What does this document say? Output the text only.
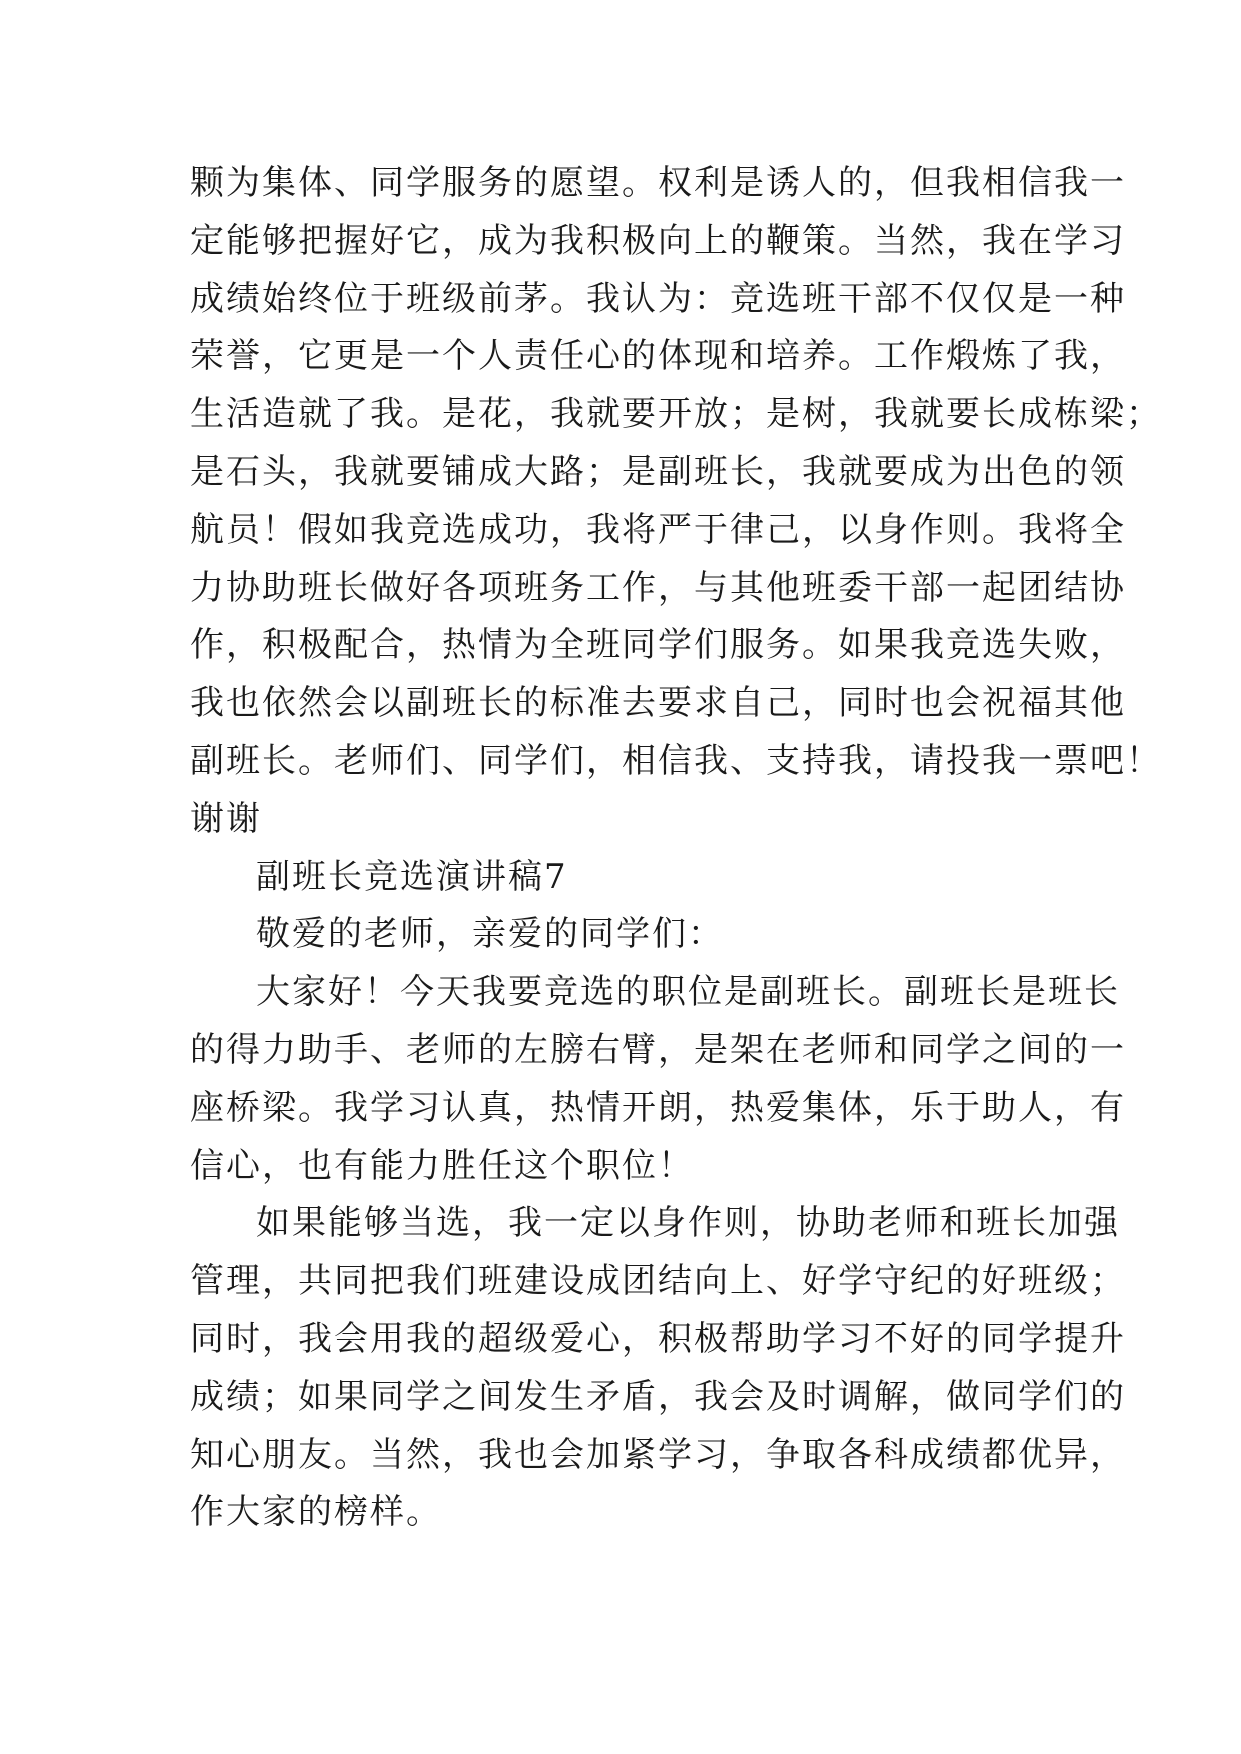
颗为集体、同学服务的愿望。权利是诱人的，但我相信我一
定能够把握好它，成为我积极向上的鞭策。当然，我在学习
成绩始终位于班级前茅。我认为：竞选班干部不仅仅是一种
荣誉，它更是一个人责任心的体现和培养。工作煅炼了我，
生活造就了我。是花，我就要开放；是树，我就要长成栋梁；
是石头，我就要铺成大路；是副班长，我就要成为出色的领
航员！假如我竞选成功，我将严于律己，以身作则。我将全
力协助班长做好各项班务工作，与其他班委干部一起团结协
作，积极配合，热情为全班同学们服务。如果我竞选失败，
我也依然会以副班长的标准去要求自己，同时也会祝福其他
副班长。老师们、同学们，相信我、支持我，请投我一票吧！
谢谢
副班长竞选演讲稿7
敬爱的老师，亲爱的同学们：
大家好！今天我要竞选的职位是副班长。副班长是班长
的得力助手、老师的左膀右臂，是架在老师和同学之间的一
座桥梁。我学习认真，热情开朗，热爱集体，乐于助人，有
信心，也有能力胜任这个职位！
如果能够当选，我一定以身作则，协助老师和班长加强
管理，共同把我们班建设成团结向上、好学守纪的好班级；
同时，我会用我的超级爱心，积极帮助学习不好的同学提升
成绩；如果同学之间发生矛盾，我会及时调解，做同学们的
知心朋友。当然，我也会加紧学习，争取各科成绩都优异，
作大家的榜样。
